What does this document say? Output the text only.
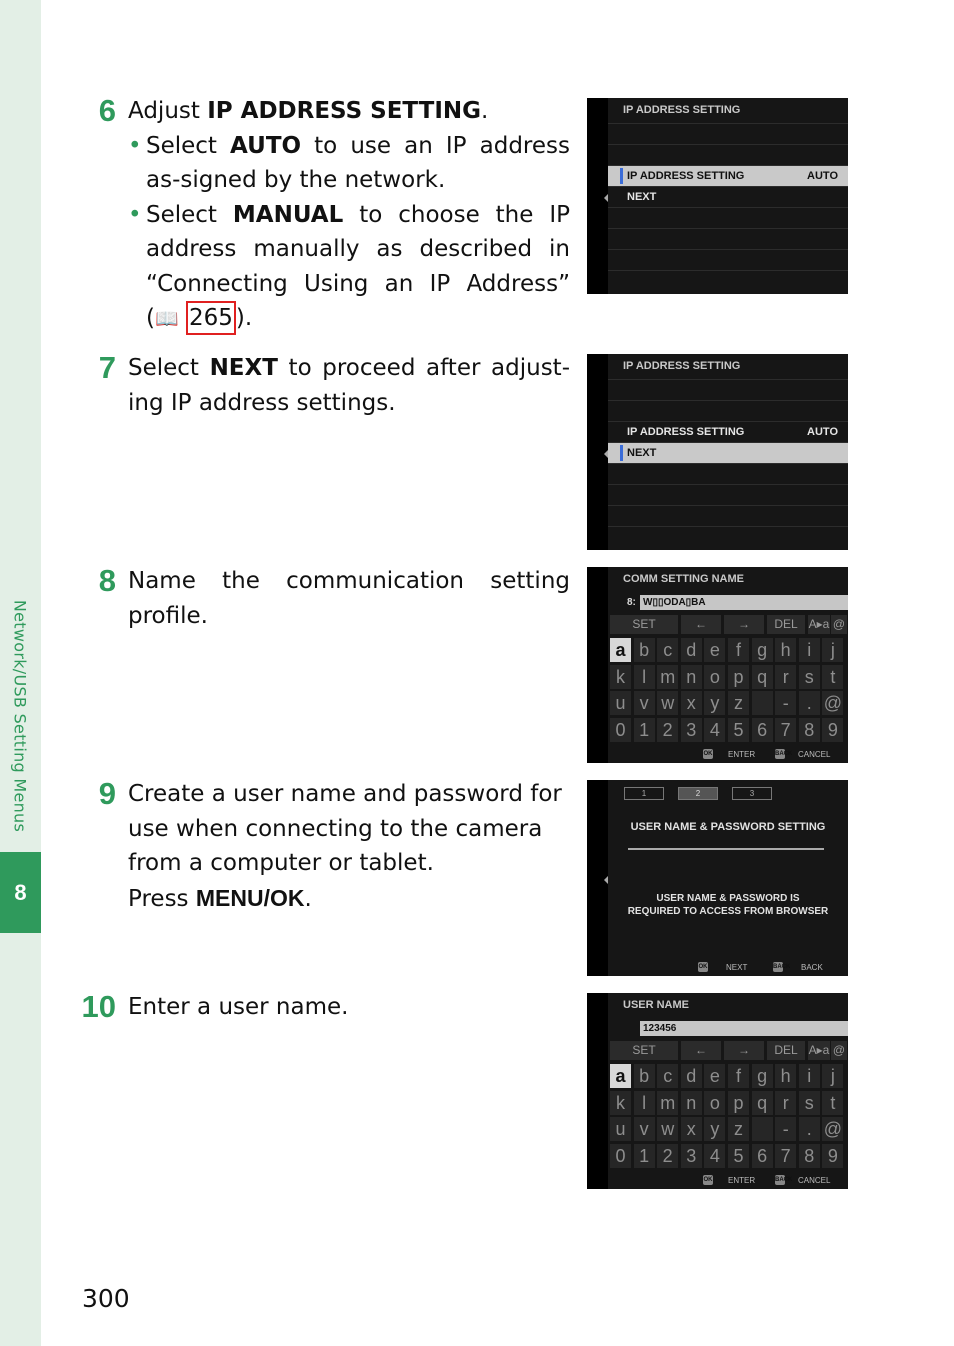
Network/USB Setting Menus
8
6 Adjust IP ADDRESS SETTING.
• Select AUTO to use an IP address as-signed by the network.
• Select MANUAL to choose the IP address manually as described in “Connecting Using an IP Address” (📖 265 ).
7 Select NEXT to proceed after adjust-ing IP address settings.
8 Name the communication setting profile.
9 Create a user name and password for use when connecting to the camera from a computer or tablet.
Press MENU/OK.
10 Enter a user name.
IP ADDRESS SETTING
IP ADDRESS SETTING	AUTO
NEXT
IP ADDRESS SETTING
IP ADDRESS SETTING	AUTO
NEXT
COMM SETTING NAME
8: W▯▯ODA▯BA
SET	←	→	DEL A▸a @
a b c d e f g h i	j
k l m n o p q r s t
u v w x y z	-	. @
0 1 2 3 4 5 6 7 8 9
OK ENTER	BACK CANCEL
1	2	3
USER NAME & PASSWORD SETTING
USER NAME & PASSWORD IS
REQUIRED TO ACCESS FROM BROWSER
OK NEXT	BACK BACK
USER NAME
123456
SET	←	→	DEL A▸a @
a b c d e f g h i	j
k l m n o p q r s t
u v w x y z	-	. @
0 1 2 3 4 5 6 7 8 9
OK ENTER	BACK CANCEL
300
